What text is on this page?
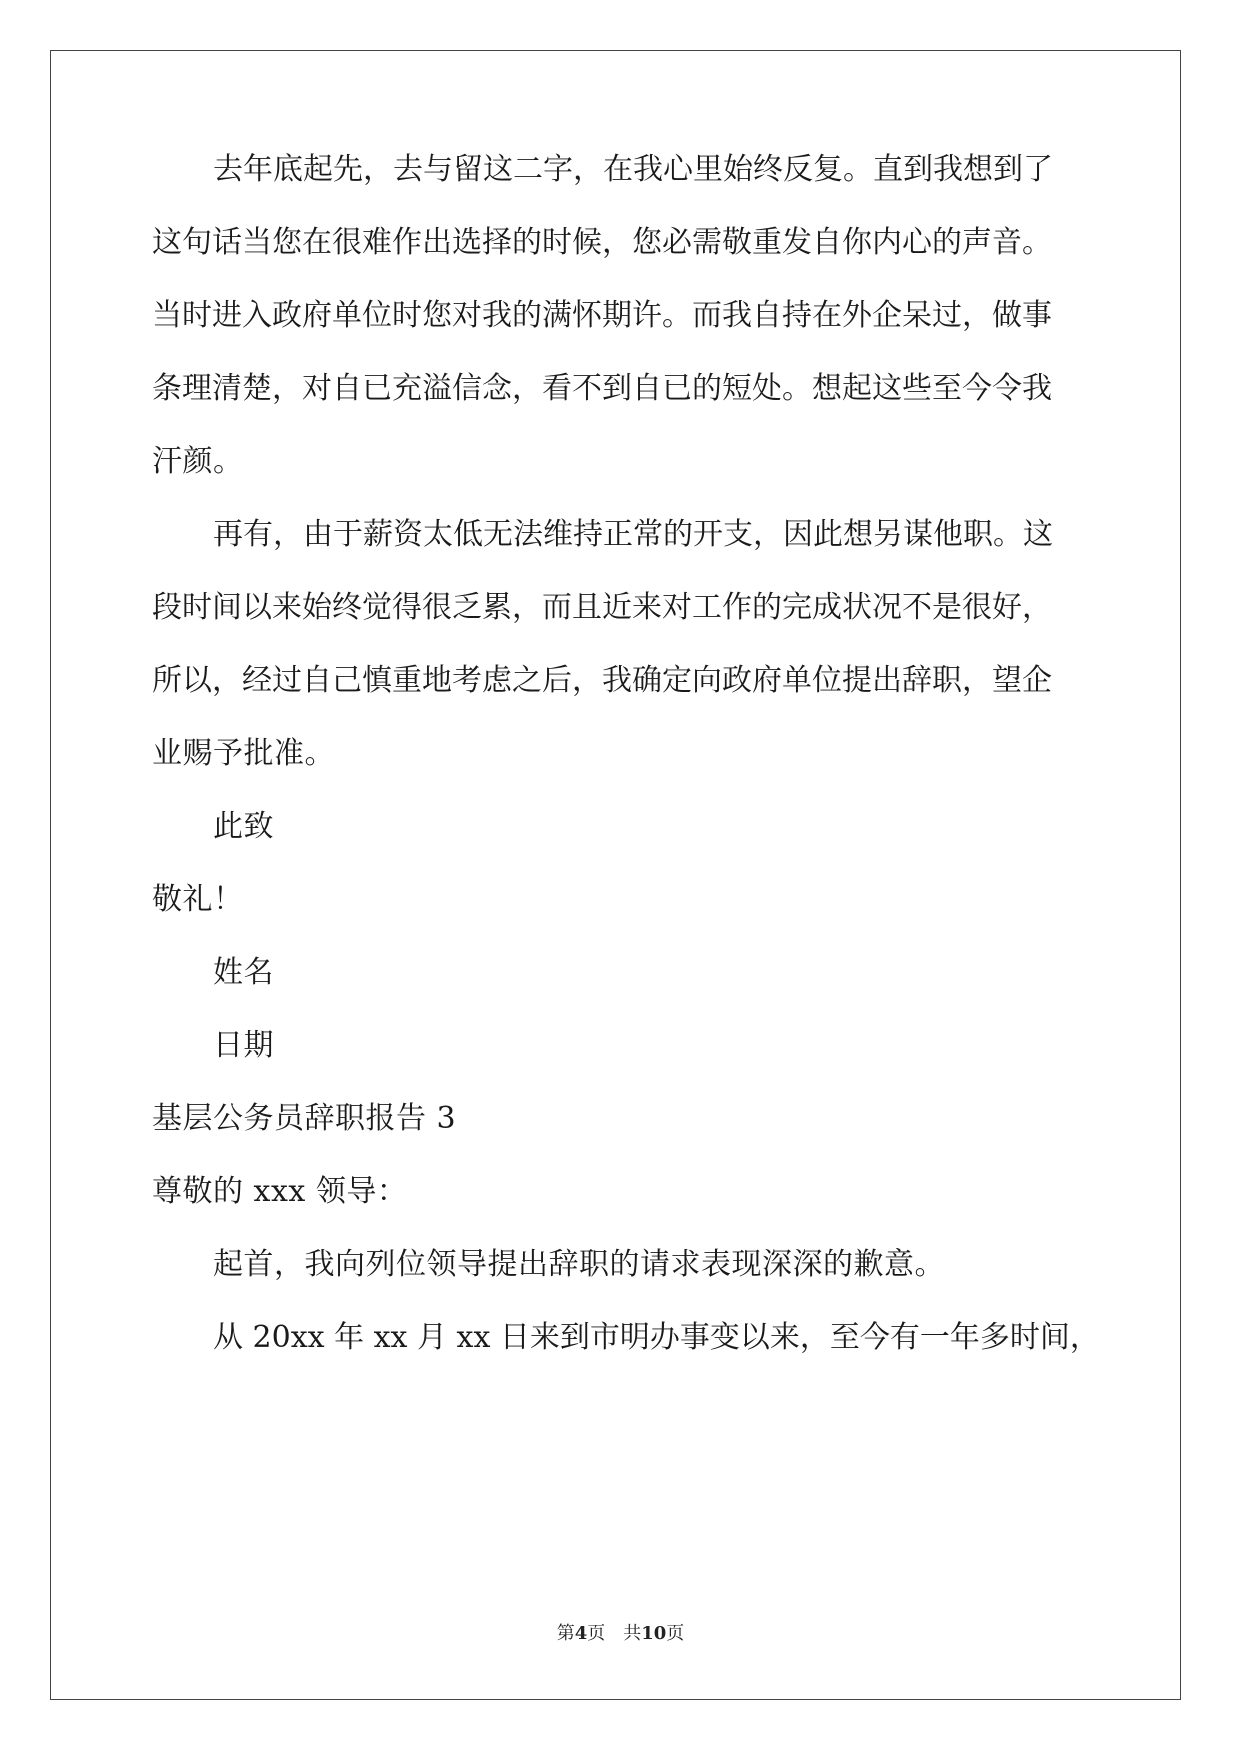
去年底起先，去与留这二字，在我心里始终反复。直到我想到了
这句话当您在很难作出选择的时候，您必需敬重发自你内心的声音。
当时进入政府单位时您对我的满怀期许。而我自持在外企呆过，做事
条理清楚，对自已充溢信念，看不到自已的短处。想起这些至今令我
汗颜。
再有，由于薪资太低无法维持正常的开支，因此想另谋他职。这
段时间以来始终觉得很乏累，而且近来对工作的完成状况不是很好，
所以，经过自己慎重地考虑之后，我确定向政府单位提出辞职，望企
业赐予批准。
此致
敬礼！
姓名
日期
基层公务员辞职报告 3
尊敬的 xxx 领导：
起首，我向列位领导提出辞职的请求表现深深的歉意。
从 20xx 年 xx 月 xx 日来到市明办事变以来，至今有一年多时间，
第4页 共10页
